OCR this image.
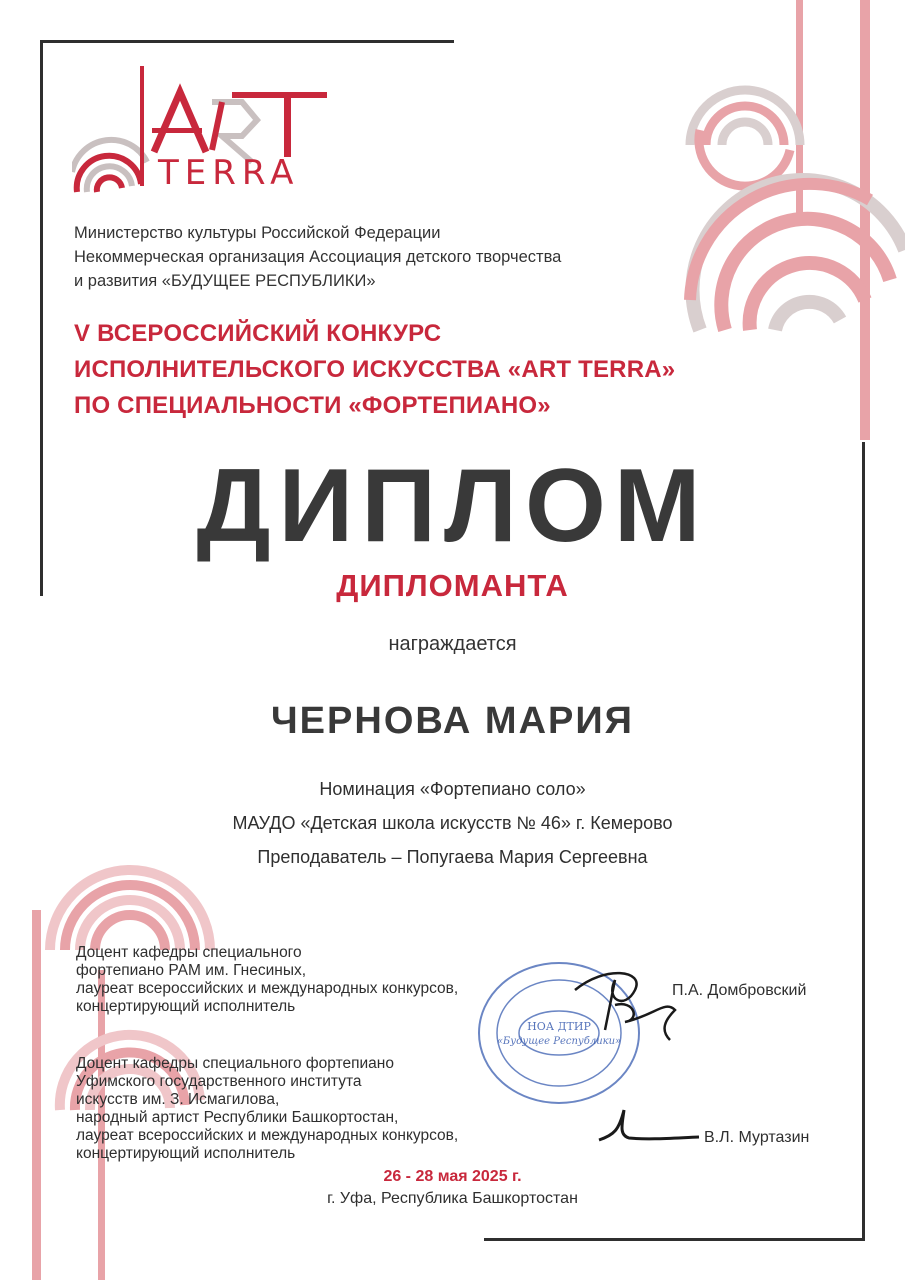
TERRA
Министерство культуры Российской Федерации
Некоммерческая организация Ассоциация детского творчества
и развития «БУДУЩЕЕ РЕСПУБЛИКИ»
V ВСЕРОССИЙСКИЙ КОНКУРС
ИСПОЛНИТЕЛЬСКОГО ИСКУССТВА «ART TERRA»
ПО СПЕЦИАЛЬНОСТИ «ФОРТЕПИАНО»
ДИПЛОМ
ДИПЛОМАНТА
награждается
ЧЕРНОВА МАРИЯ
Номинация «Фортепиано соло»
МАУДО «Детская школа искусств № 46» г. Кемерово
Преподаватель – Попугаева Мария Сергеевна
НОА ДТИР
«Будущее Республики»
Доцент кафедры специального
фортепиано РАМ им. Гнесиных,
лауреат всероссийских и международных конкурсов,
концертирующий исполнитель
П.А. Домбровский
Доцент кафедры специального фортепиано
Уфимского государственного института
искусств им. З. Исмагилова,
народный артист Республики Башкортостан,
лауреат всероссийских и международных конкурсов,
концертирующий исполнитель
В.Л. Муртазин
26 - 28 мая 2025 г.
г. Уфа, Республика Башкортостан
